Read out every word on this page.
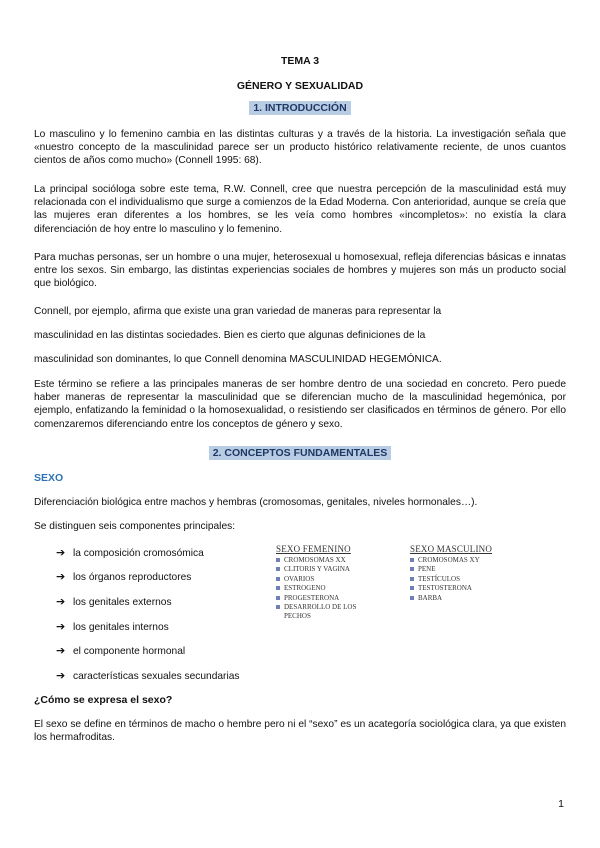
TEMA 3
GÉNERO Y SEXUALIDAD
1. INTRODUCCIÓN

Lo masculino y lo femenino cambia en las distintas culturas y a través de la historia. La investigación señala que «nuestro concepto de la masculinidad parece ser un producto histórico relativamente reciente, de unos cuantos cientos de años como mucho» (Connell 1995: 68).

La principal socióloga sobre este tema, R.W. Connell, cree que nuestra percepción de la masculinidad está muy relacionada con el individualismo que surge a comienzos de la Edad Moderna. Con anterioridad, aunque se creía que las mujeres eran diferentes a los hombres, se les veía como hombres «incompletos»: no existía la clara diferenciación de hoy entre lo masculino y lo femenino.

Para muchas personas, ser un hombre o una mujer, heterosexual u homosexual, refleja diferencias básicas e innatas entre los sexos. Sin embargo, las distintas experiencias sociales de hombres y mujeres son más un producto social que biológico.

Connell, por ejemplo, afirma que existe una gran variedad de maneras para representar la
masculinidad en las distintas sociedades. Bien es cierto que algunas definiciones de la
masculinidad son dominantes, lo que Connell denomina MASCULINIDAD HEGEMÓNICA.

Este término se refiere a las principales maneras de ser hombre dentro de una sociedad en concreto. Pero puede haber maneras de representar la masculinidad que se diferencian mucho de la masculinidad hegemónica, por ejemplo, enfatizando la feminidad o la homosexualidad, o resistiendo ser clasificados en términos de género. Por ello comenzaremos diferenciando entre los conceptos de género y sexo.

2. CONCEPTOS FUNDAMENTALES
SEXO
Diferenciación biológica entre machos y hembras (cromosomas, genitales, niveles hormonales…).
Se distinguen seis componentes principales:
➔ la composición cromosómica
➔ los órganos reproductores
➔ los genitales externos
➔ los genitales internos
➔ el componente hormonal
➔ características sexuales secundarias
SEXO FEMENINO
CROMOSOMAS XX
CLITORIS Y VAGINA
OVARIOS
ESTROGENO
PROGESTERONA
DESARROLLO DE LOS
PECHOS
SEXO MASCULINO
CROMOSOMAS XY
PENE
TESTÍCULOS
TESTOSTERONA
BARBA
¿Cómo se expresa el sexo?

El sexo se define en términos de macho o hembre pero ni el “sexo” es un acategoría sociológica clara, ya que existen los hermafroditas.

1
